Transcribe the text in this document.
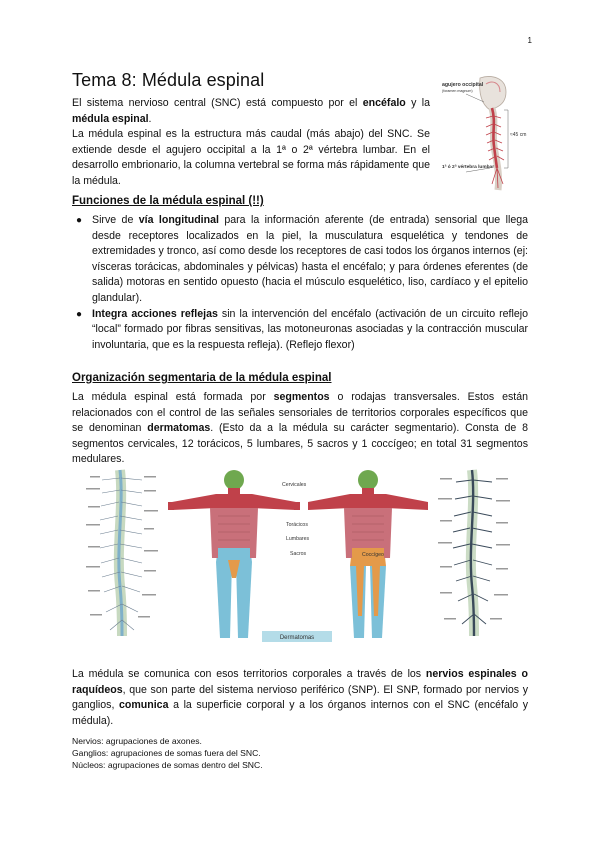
1
Tema 8: Médula espinal
El sistema nervioso central (SNC) está compuesto por el encéfalo y la médula espinal.
La médula espinal es la estructura más caudal (más abajo) del SNC. Se extiende desde el agujero occipital a la 1ª o 2ª vértebra lumbar. En el desarrollo embrionario, la columna vertebral se forma más rápidamente que la médula.
agujero occipital
(foramen magnum)
≈45 cm
1ª ó 2ª vértebra lumbar
Funciones de la médula espinal (!!)
● Sirve de vía longitudinal para la información aferente (de entrada) sensorial que llega desde receptores localizados en la piel, la musculatura esquelética y tendones de extremidades y tronco, así como desde los receptores de casi todos los órganos internos (ej: vísceras torácicas, abdominales y pélvicas) hasta el encéfalo; y para órdenes eferentes (de salida) motoras en sentido opuesto (hacia el músculo esquelético, liso, cardíaco y el epitelio glandular).
● Integra acciones reflejas sin la intervención del encéfalo (activación de un circuito reflejo “local” formado por fibras sensitivas, las motoneuronas asociadas y la contracción muscular involuntaria, que es la respuesta refleja). (Reflejo flexor)
Organización segmentaria de la médula espinal
La médula espinal está formada por segmentos o rodajas transversales. Estos están relacionados con el control de las señales sensoriales de territorios corporales específicos que se denominan dermatomas. (Esto da a la médula su carácter segmentario). Consta de 8 segmentos cervicales, 12 torácicos, 5 lumbares, 5 sacros y 1 coccígeo; en total 31 segmentos medulares.
Cervicales
Torácicos
Lumbares
Sacros	Coccígeo
Dermatomas
La médula se comunica con esos territorios corporales a través de los nervios espinales o raquídeos, que son parte del sistema nervioso periférico (SNP). El SNP, formado por nervios y ganglios, comunica a la superficie corporal y a los órganos internos con el SNC (encéfalo y médula).
Nervios: agrupaciones de axones.
Ganglios: agrupaciones de somas fuera del SNC.
Núcleos: agrupaciones de somas dentro del SNC.
